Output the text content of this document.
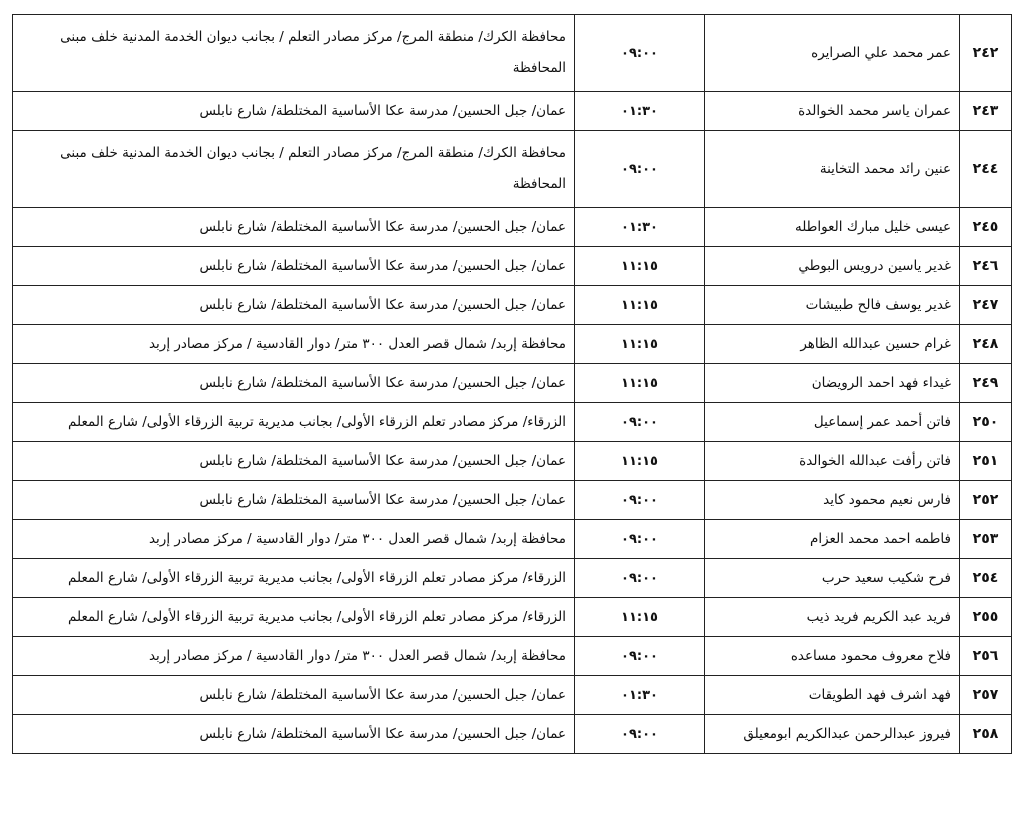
٢٤٢	عمر محمد علي الصرايره	٠٩:٠٠	محافظة الكرك/ منطقة المرج/ مركز مصادر التعلم / بجانب ديوان الخدمة المدنية خلف مبنى المحافظة
٢٤٣	عمران ياسر محمد الخوالدة	٠١:٣٠	عمان/ جبل الحسين/ مدرسة عكا الأساسية المختلطة/ شارع نابلس
٢٤٤	عنين رائد محمد التخاينة	٠٩:٠٠	محافظة الكرك/ منطقة المرج/ مركز مصادر التعلم / بجانب ديوان الخدمة المدنية خلف مبنى المحافظة
٢٤٥	عيسى خليل مبارك العواطله	٠١:٣٠	عمان/ جبل الحسين/ مدرسة عكا الأساسية المختلطة/ شارع نابلس
٢٤٦	غدير ياسين درويس البوطي	١١:١٥	عمان/ جبل الحسين/ مدرسة عكا الأساسية المختلطة/ شارع نابلس
٢٤٧	غدير يوسف فالح طبيشات	١١:١٥	عمان/ جبل الحسين/ مدرسة عكا الأساسية المختلطة/ شارع نابلس
٢٤٨	غرام حسين عبدالله الظاهر	١١:١٥	محافظة إربد/ شمال قصر العدل ٣٠٠ متر/ دوار القادسية / مركز مصادر إربد
٢٤٩	غيداء فهد احمد الرويضان	١١:١٥	عمان/ جبل الحسين/ مدرسة عكا الأساسية المختلطة/ شارع نابلس
٢٥٠	فاتن أحمد عمر إسماعيل	٠٩:٠٠	الزرقاء/ مركز مصادر تعلم الزرقاء الأولى/ بجانب مديرية تربية الزرقاء الأولى/ شارع المعلم
٢٥١	فاتن رأفت عبدالله الخوالدة	١١:١٥	عمان/ جبل الحسين/ مدرسة عكا الأساسية المختلطة/ شارع نابلس
٢٥٢	فارس نعيم محمود كايد	٠٩:٠٠	عمان/ جبل الحسين/ مدرسة عكا الأساسية المختلطة/ شارع نابلس
٢٥٣	فاطمه احمد محمد العزام	٠٩:٠٠	محافظة إربد/ شمال قصر العدل ٣٠٠ متر/ دوار القادسية / مركز مصادر إربد
٢٥٤	فرح شكيب سعيد حرب	٠٩:٠٠	الزرقاء/ مركز مصادر تعلم الزرقاء الأولى/ بجانب مديرية تربية الزرقاء الأولى/ شارع المعلم
٢٥٥	فريد عبد الكريم فريد ذيب	١١:١٥	الزرقاء/ مركز مصادر تعلم الزرقاء الأولى/ بجانب مديرية تربية الزرقاء الأولى/ شارع المعلم
٢٥٦	فلاح معروف محمود مساعده	٠٩:٠٠	محافظة إربد/ شمال قصر العدل ٣٠٠ متر/ دوار القادسية / مركز مصادر إربد
٢٥٧	فهد اشرف فهد الطويقات	٠١:٣٠	عمان/ جبل الحسين/ مدرسة عكا الأساسية المختلطة/ شارع نابلس
٢٥٨	فيروز عبدالرحمن عبدالكريم ابومعيلق	٠٩:٠٠	عمان/ جبل الحسين/ مدرسة عكا الأساسية المختلطة/ شارع نابلس
